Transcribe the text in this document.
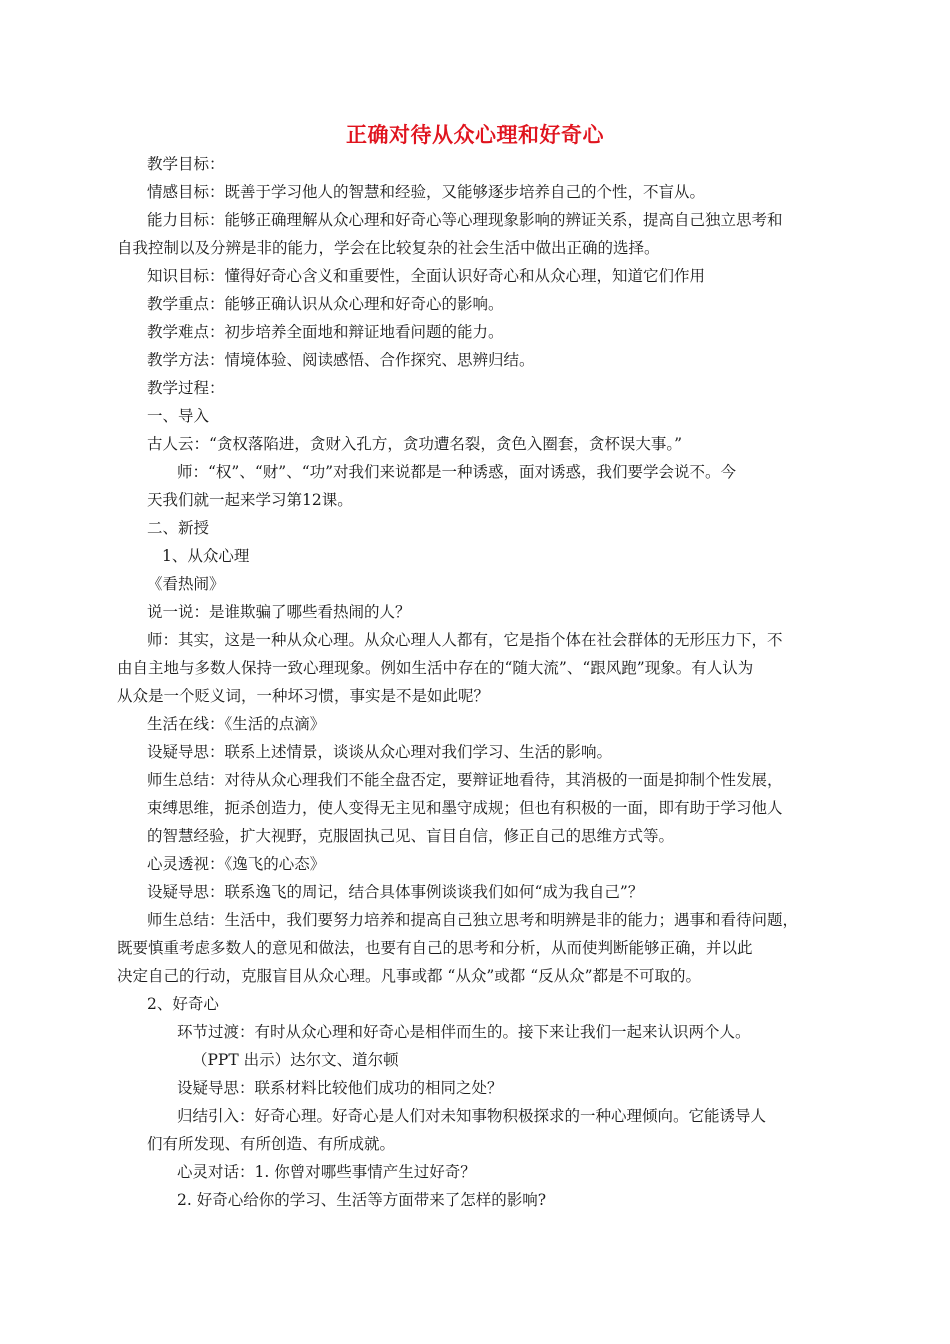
正确对待从众心理和好奇心
教学目标：
情感目标：既善于学习他人的智慧和经验，又能够逐步培养自己的个性，不盲从。
能力目标：能够正确理解从众心理和好奇心等心理现象影响的辨证关系，提高自己独立思考和
自我控制以及分辨是非的能力，学会在比较复杂的社会生活中做出正确的选择。
知识目标：懂得好奇心含义和重要性，全面认识好奇心和从众心理，知道它们作用
教学重点：能够正确认识从众心理和好奇心的影响。
教学难点：初步培养全面地和辩证地看问题的能力。
教学方法：情境体验、阅读感悟、合作探究、思辨归结。
教学过程：
一、导入
古人云：“贪权落陷进，贪财入孔方，贪功遭名裂，贪色入圈套，贪杯误大事。”
师：“权”、“财”、“功”对我们来说都是一种诱惑，面对诱惑，我们要学会说不。今
天我们就一起来学习第12课。
二、新授
1、从众心理
《看热闹》
说一说：是谁欺骗了哪些看热闹的人？
师：其实，这是一种从众心理。从众心理人人都有，它是指个体在社会群体的无形压力下，不
由自主地与多数人保持一致心理现象。例如生活中存在的“随大流”、“跟风跑”现象。有人认为
从众是一个贬义词，一种坏习惯，事实是不是如此呢？
生活在线：《生活的点滴》
设疑导思：联系上述情景，谈谈从众心理对我们学习、生活的影响。
师生总结：对待从众心理我们不能全盘否定，要辩证地看待，其消极的一面是抑制个性发展，
束缚思维，扼杀创造力，使人变得无主见和墨守成规；但也有积极的一面，即有助于学习他人
的智慧经验，扩大视野，克服固执己见、盲目自信，修正自己的思维方式等。
心灵透视：《逸飞的心态》
设疑导思：联系逸飞的周记，结合具体事例谈谈我们如何“成为我自己”？
师生总结：生活中，我们要努力培养和提高自己独立思考和明辨是非的能力；遇事和看待问题，
既要慎重考虑多数人的意见和做法，也要有自己的思考和分析，从而使判断能够正确，并以此
决定自己的行动，克服盲目从众心理。凡事或都 “从众”或都 “反从众”都是不可取的。
2、好奇心
环节过渡：有时从众心理和好奇心是相伴而生的。接下来让我们一起来认识两个人。
（PPT 出示）达尔文、道尔顿
设疑导思：联系材料比较他们成功的相同之处？
归结引入：好奇心理。好奇心是人们对未知事物积极探求的一种心理倾向。它能诱导人
们有所发现、有所创造、有所成就。
心灵对话：1. 你曾对哪些事情产生过好奇？
2. 好奇心给你的学习、生活等方面带来了怎样的影响?
